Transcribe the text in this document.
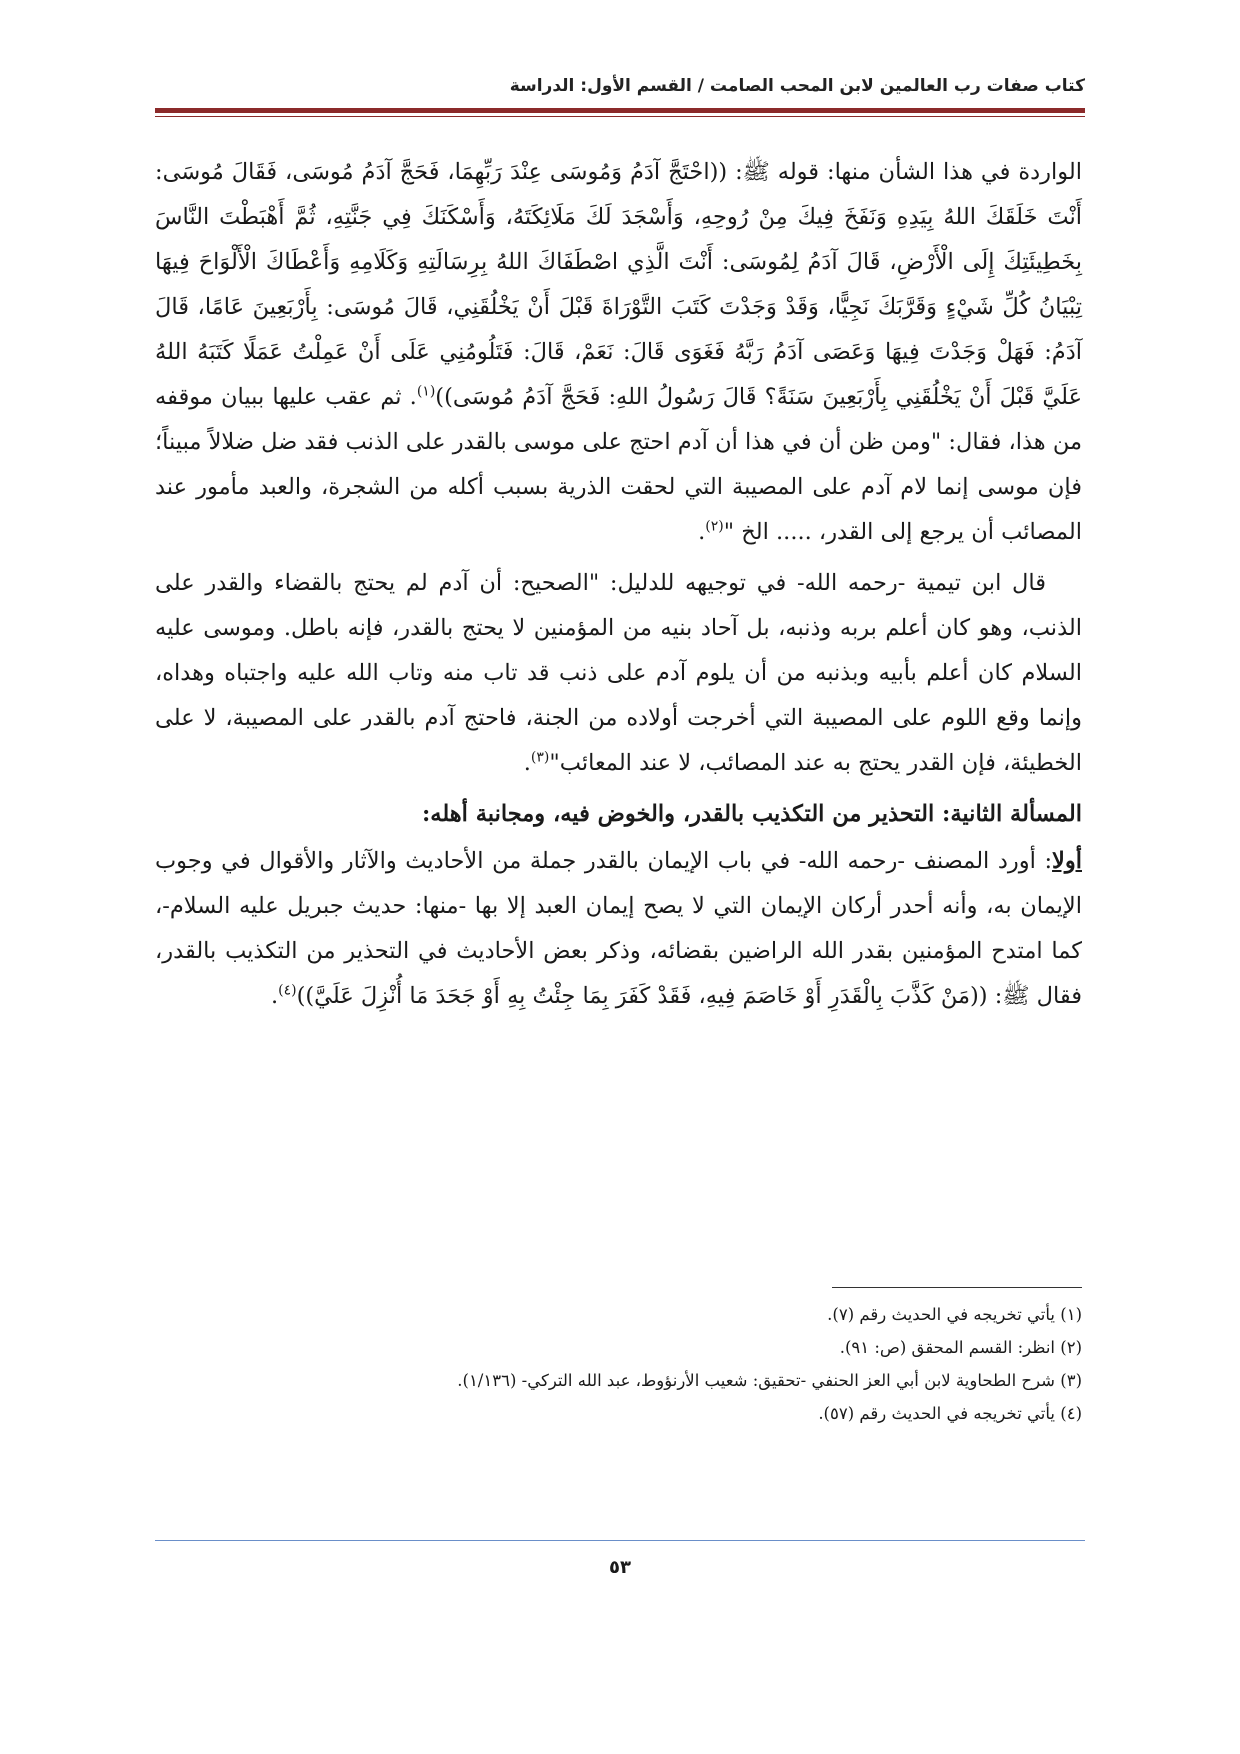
كتاب صفات رب العالمين لابن المحب الصامت / القسم الأول: الدراسة

الواردة في هذا الشأن منها: قوله ﷺ: ((احْتَجَّ آدَمُ وَمُوسَى عِنْدَ رَبِّهِمَا، فَحَجَّ آدَمُ مُوسَى، فَقَالَ مُوسَى: أَنْتَ خَلَقَكَ اللهُ بِيَدِهِ وَنَفَخَ فِيكَ مِنْ رُوحِهِ، وَأَسْجَدَ لَكَ مَلَائِكَتَهُ، وَأَسْكَنَكَ فِي جَنَّتِهِ، ثُمَّ أَهْبَطْتَ النَّاسَ بِخَطِيئَتِكَ إِلَى الْأَرْضِ، قَالَ آدَمُ لِمُوسَى: أَنْتَ الَّذِي اصْطَفَاكَ اللهُ بِرِسَالَتِهِ وَكَلَامِهِ وَأَعْطَاكَ الْأَلْوَاحَ فِيهَا تِبْيَانُ كُلِّ شَيْءٍ وَقَرَّبَكَ نَجِيًّا، وَقَدْ وَجَدْتَ كَتَبَ التَّوْرَاةَ قَبْلَ أَنْ يَخْلُقَنِي، قَالَ مُوسَى: بِأَرْبَعِينَ عَامًا، قَالَ آدَمُ: فَهَلْ وَجَدْتَ فِيهَا وَعَصَى آدَمُ رَبَّهُ فَغَوَى قَالَ: نَعَمْ، قَالَ: فَتَلُومُنِي عَلَى أَنْ عَمِلْتُ عَمَلًا كَتَبَهُ اللهُ عَلَيَّ قَبْلَ أَنْ يَخْلُقَنِي بِأَرْبَعِينَ سَنَةً؟ قَالَ رَسُولُ اللهِ: فَحَجَّ آدَمُ مُوسَى))$^{(١)}$. ثم عقب عليها ببيان موقفه من هذا، فقال: "ومن ظن أن في هذا أن آدم احتج على موسى بالقدر على الذنب فقد ضل ضلالاً مبيناً؛ فإن موسى إنما لام آدم على المصيبة التي لحقت الذرية بسبب أكله من الشجرة، والعبد مأمور عند المصائب أن يرجع إلى القدر، ..... الخ "$^{(٢)}$.

قال ابن تيمية -رحمه الله- في توجيهه للدليل: "الصحيح: أن آدم لم يحتج بالقضاء والقدر على الذنب، وهو كان أعلم بربه وذنبه، بل آحاد بنيه من المؤمنين لا يحتج بالقدر، فإنه باطل. وموسى عليه السلام كان أعلم بأبيه وبذنبه من أن يلوم آدم على ذنب قد تاب منه وتاب الله عليه واجتباه وهداه، وإنما وقع اللوم على المصيبة التي أخرجت أولاده من الجنة، فاحتج آدم بالقدر على المصيبة، لا على الخطيئة، فإن القدر يحتج به عند المصائب، لا عند المعائب"$^{(٣)}$.

المسألة الثانية: التحذير من التكذيب بالقدر، والخوض فيه، ومجانبة أهله:

أولا: أورد المصنف -رحمه الله- في باب الإيمان بالقدر جملة من الأحاديث والآثار والأقوال في وجوب الإيمان به، وأنه أحدر أركان الإيمان التي لا يصح إيمان العبد إلا بها -منها: حديث جبريل عليه السلام-، كما امتدح المؤمنين بقدر الله الراضين بقضائه، وذكر بعض الأحاديث في التحذير من التكذيب بالقدر، فقال ﷺ: ((مَنْ كَذَّبَ بِالْقَدَرِ أَوْ خَاصَمَ فِيهِ، فَقَدْ كَفَرَ بِمَا جِئْتُ بِهِ أَوْ جَحَدَ مَا أُنْزِلَ عَلَيَّ))$^{(٤)}$.

(١) يأتي تخريجه في الحديث رقم (٧).
(٢) انظر: القسم المحقق (ص: ٩١).
(٣) شرح الطحاوية لابن أبي العز الحنفي -تحقيق: شعيب الأرنؤوط، عبد الله التركي- (١/١٣٦).
(٤) يأتي تخريجه في الحديث رقم (٥٧).
٥٣
